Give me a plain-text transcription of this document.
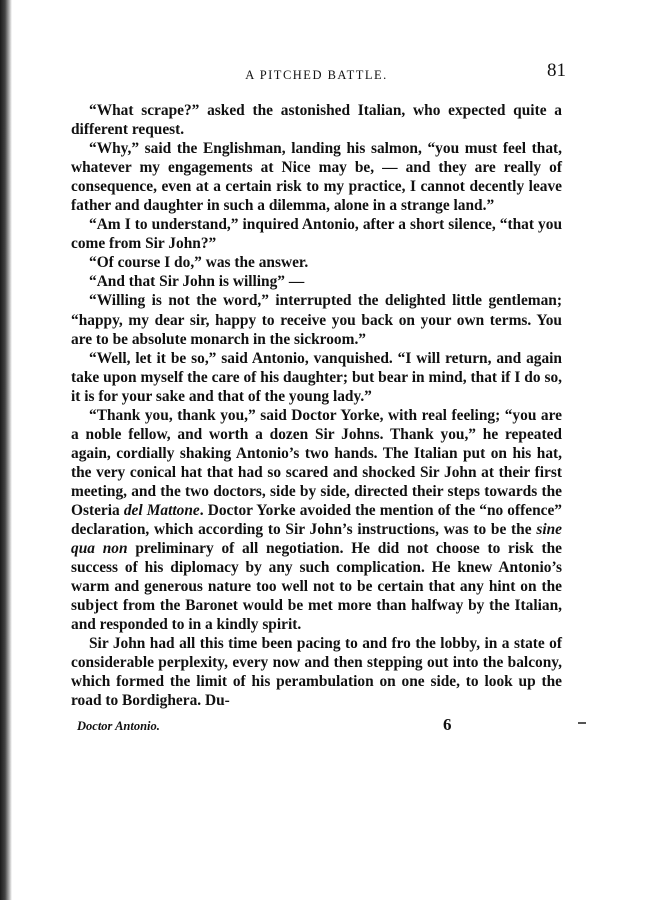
A PITCHED BATTLE.	81

“What scrape?” asked the astonished Italian, who expected quite a different request.

“Why,” said the Englishman, landing his salmon, “you must feel that, whatever my engagements at Nice may be, — and they are really of consequence, even at a certain risk to my practice, I cannot decently leave father and daughter in such a dilemma, alone in a strange land.”

“Am I to understand,” inquired Antonio, after a short silence, “that you come from Sir John?”

“Of course I do,” was the answer.

“And that Sir John is willing” —

“Willing is not the word,” interrupted the delighted little gentleman; “happy, my dear sir, happy to receive you back on your own terms. You are to be absolute monarch in the sickroom.”

“Well, let it be so,” said Antonio, vanquished. “I will return, and again take upon myself the care of his daughter; but bear in mind, that if I do so, it is for your sake and that of the young lady.”

“Thank you, thank you,” said Doctor Yorke, with real feeling; “you are a noble fellow, and worth a dozen Sir Johns. Thank you,” he repeated again, cordially shaking Antonio’s two hands. The Italian put on his hat, the very conical hat that had so scared and shocked Sir John at their first meeting, and the two doctors, side by side, directed their steps towards the Osteria del Mattone. Doctor Yorke avoided the mention of the “no offence” declaration, which according to Sir John’s instructions, was to be the sine qua non preliminary of all negotiation. He did not choose to risk the success of his diplomacy by any such complication. He knew Antonio’s warm and generous nature too well not to be certain that any hint on the subject from the Baronet would be met more than halfway by the Italian, and responded to in a kindly spirit.

Sir John had all this time been pacing to and fro the lobby, in a state of considerable perplexity, every now and then stepping out into the balcony, which formed the limit of his perambulation on one side, to look up the road to Bordighera. Du-

Doctor Antonio.	6
